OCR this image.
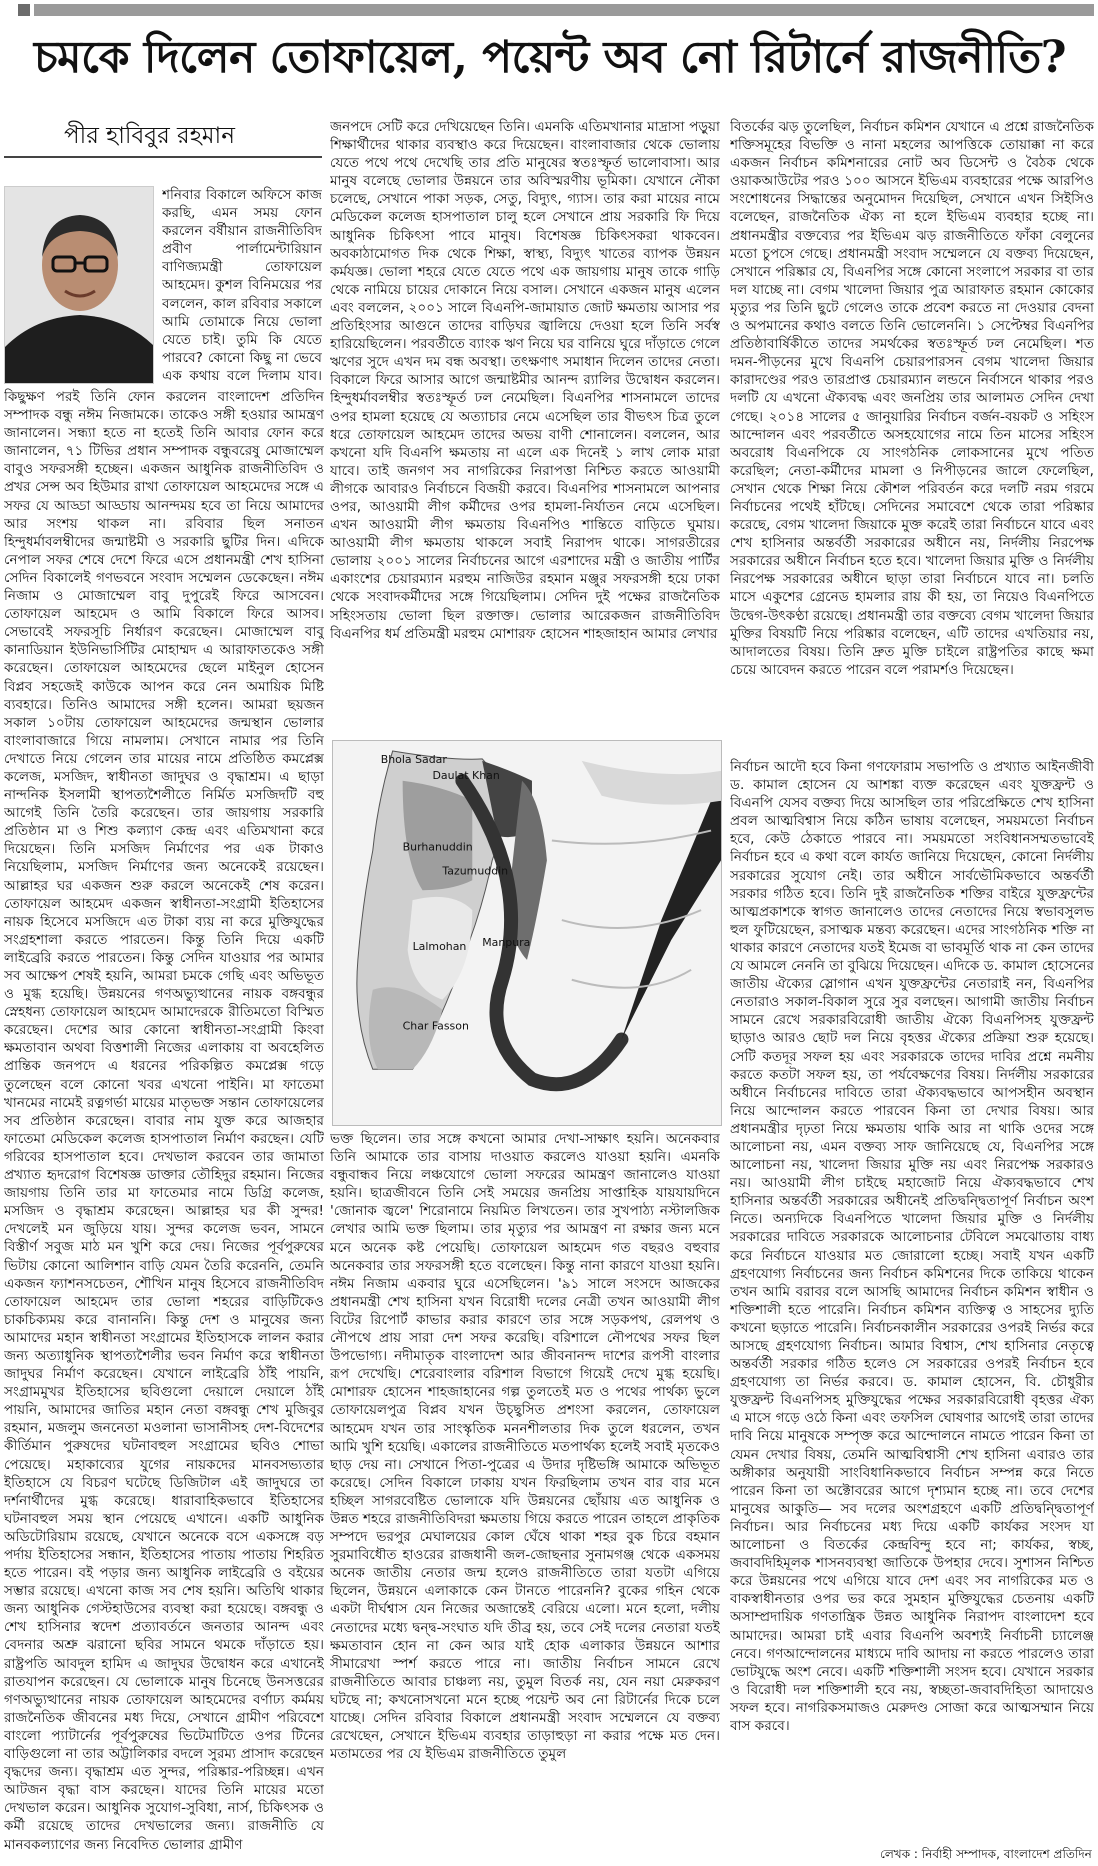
চমকে দিলেন তোফায়েল, পয়েন্ট অব নো রিটার্নে রাজনীতি?
পীর হাবিবুর রহমান
শনিবার বিকালে অফিসে কাজ করছি, এমন সময় ফোন করলেন বর্ষীয়ান রাজনীতিবিদ প্রবীণ পার্লামেন্টারিয়ান বাণিজ্যমন্ত্রী তোফায়েল আহমেদ। কুশল বিনিময়ের পর বললেন, কাল রবিবার সকালে আমি তোমাকে নিয়ে ভোলা যেতে চাই। তুমি কি যেতে পারবে? কোনো কিছু না ভেবে এক কথায় বলে দিলাম যাব।
কিছুক্ষণ পরই তিনি ফোন করলেন বাংলাদেশ প্রতিদিন সম্পাদক বন্ধু নঈম নিজামকে। তাকেও সঙ্গী হওয়ার আমন্ত্রণ জানালেন। সন্ধ্যা হতে না হতেই তিনি আবার ফোন করে জানালেন, ৭১ টিভির প্রধান সম্পাদক বন্ধুবরেষু মোজাম্মেল বাবুও সফরসঙ্গী হচ্ছেন। একজন আধুনিক রাজনীতিবিদ ও প্রখর সেন্স অব হিউমার রাখা তোফায়েল আহমেদের সঙ্গে এ সফর যে আড্ডা আড্ডায় আনন্দময় হবে তা নিয়ে আমাদের আর সংশয় থাকল না। রবিবার ছিল সনাতন হিন্দুধর্মাবলম্বীদের জন্মাষ্টমী ও সরকারি ছুটির দিন। এদিকে নেপাল সফর শেষে দেশে ফিরে এসে প্রধানমন্ত্রী শেখ হাসিনা সেদিন বিকালেই গণভবনে সংবাদ সম্মেলন ডেকেছেন। নঈম নিজাম ও মোজাম্মেল বাবু দুপুরেই ফিরে আসবেন। তোফায়েল আহমেদ ও আমি বিকালে ফিরে আসব। সেভাবেই সফরসূচি নির্ধারণ করেছেন। মোজাম্মেল বাবু কানাডিয়ান ইউনিভার্সিটির মোহাম্মদ এ আরাফাতকেও সঙ্গী করেছেন। তোফায়েল আহমেদের ছেলে মাইনুল হোসেন বিপ্লব সহজেই কাউকে আপন করে নেন অমায়িক মিষ্টি ব্যবহারে। তিনিও আমাদের সঙ্গী হলেন। আমরা ছয়জন সকাল ১০টায় তোফায়েল আহমেদের জন্মস্থান ভোলার বাংলাবাজারে গিয়ে নামলাম। সেখানে নামার পর তিনি দেখাতে নিয়ে গেলেন তার মায়ের নামে প্রতিষ্ঠিত কমপ্লেক্স কলেজ, মসজিদ, স্বাধীনতা জাদুঘর ও বৃদ্ধাশ্রম। এ ছাড়া নান্দনিক ইসলামী স্থাপত্যশৈলীতে নির্মিত মসজিদটি বহু আগেই তিনি তৈরি করেছেন। তার জায়গায় সরকারি প্রতিষ্ঠান মা ও শিশু কল্যাণ কেন্দ্র এবং এতিমখানা করে দিয়েছেন। তিনি মসজিদ নির্মাণের পর এক টাকাও নিয়েছিলাম, মসজিদ নির্মাণের জন্য অনেকেই রয়েছেন। আল্লাহর ঘর একজন শুরু করলে অনেকেই শেষ করেন। তোফায়েল আহমেদ একজন স্বাধীনতা-সংগ্রামী ইতিহাসের নায়ক হিসেবে মসজিদে এত টাকা ব্যয় না করে মুক্তিযুদ্ধের সংগ্রহশালা করতে পারতেন। কিন্তু তিনি দিয়ে একটি লাইব্রেরি করতে পারতেন। কিন্তু সেদিন যাওয়ার পর আমার সব আক্ষেপ শেষই হয়নি, আমরা চমকে গেছি এবং অভিভূত ও মুগ্ধ হয়েছি। উন্নয়নের গণঅভ্যুত্থানের নায়ক বঙ্গবন্ধুর স্নেহধন্য তোফায়েল আহমেদ আমাদেরকে রীতিমতো বিস্মিত করেছেন। দেশের আর কোনো স্বাধীনতা-সংগ্রামী কিংবা ক্ষমতাবান অথবা বিত্তশালী নিজের এলাকায় বা অবহেলিত প্রান্তিক জনপদে এ ধরনের পরিকল্পিত কমপ্লেক্স গড়ে তুলেছেন বলে কোনো খবর এখনো পাইনি। মা ফাতেমা খানমের নামেই রত্নগর্ভা মায়ের মাতৃভক্ত সন্তান তোফায়েলের সব প্রতিষ্ঠান করেছেন। বাবার নাম যুক্ত করে আজহার ফাতেমা মেডিকেল কলেজ হাসপাতাল নির্মাণ করছেন। যেটি গরিবের হাসপাতাল হবে। দেখভাল করবেন তার জামাতা প্রখ্যাত হৃদরোগ বিশেষজ্ঞ ডাক্তার তৌহিদুর রহমান। নিজের জায়গায় তিনি তার মা ফাতেমার নামে ডিগ্রি কলেজ, মসজিদ ও বৃদ্ধাশ্রম করেছেন। আল্লাহর ঘর কী সুন্দর! দেখলেই মন জুড়িয়ে যায়। সুন্দর কলেজ ভবন, সামনে বিস্তীর্ণ সবুজ মাঠ মন খুশি করে দেয়। নিজের পূর্বপুরুষের ভিটায় কোনো আলিশান বাড়ি যেমন তৈরি করেননি, তেমনি একজন ফ্যাশনসচেতন, শৌখিন মানুষ হিসেবে রাজনীতিবিদ তোফায়েল আহমেদ তার ভোলা শহরের বাড়িটিকেও চাকচিক্যময় করে বানাননি। কিন্তু দেশ ও মানুষের জন্য আমাদের মহান স্বাধীনতা সংগ্রামের ইতিহাসকে লালন করার জন্য অত্যাধুনিক স্থাপত্যশৈলীর ভবন নির্মাণ করে স্বাধীনতা জাদুঘর নির্মাণ করেছেন। যেখানে লাইব্রেরি ঠাঁই পায়নি, সংগ্রামমুখর ইতিহাসের ছবিগুলো দেয়ালে দেয়ালে ঠাঁই পায়নি, আমাদের জাতির মহান নেতা বঙ্গবন্ধু শেখ মুজিবুর রহমান, মজলুম জননেতা মওলানা ভাসানীসহ দেশ-বিদেশের কীর্তিমান পুরুষদের ঘটনাবহুল সংগ্রামের ছবিও শোভা পেয়েছে। মহাকাব্যের যুগের নায়কদের মানবসভ্যতার ইতিহাসে যে বিচরণ ঘটেছে ডিজিটাল এই জাদুঘরে তা দর্শনার্থীদের মুগ্ধ করেছে। ধারাবাহিকভাবে ইতিহাসের ঘটনাবহুল সময় স্থান পেয়েছে এখানে। একটি আধুনিক অডিটোরিয়াম রয়েছে, যেখানে অনেকে বসে একসঙ্গে বড় পর্দায় ইতিহাসের সন্ধান, ইতিহাসের পাতায় পাতায় শিহরিত হতে পারেন। বই পড়ার জন্য আধুনিক লাইব্রেরি ও বইয়ের সম্ভার রয়েছে। এখনো কাজ সব শেষ হয়নি। অতিথি থাকার জন্য আধুনিক গেস্টহাউসের ব্যবস্থা করা হয়েছে। বঙ্গবন্ধু ও শেখ হাসিনার স্বদেশ প্রত্যাবর্তনে জনতার আনন্দ এবং বেদনার অশ্রু ঝরানো ছবির সামনে থমকে দাঁড়াতে হয়। রাষ্ট্রপতি আবদুল হামিদ এ জাদুঘর উদ্বোধন করে এখানেই রাতযাপন করেছেন। যে ভোলাকে মানুষ চিনেছে উনসত্তরের গণঅভ্যুত্থানের নায়ক তোফায়েল আহমেদের বর্ণাঢ্য কর্মময় রাজনৈতিক জীবনের মধ্য দিয়ে, সেখানে গ্রামীণ পরিবেশে বাংলো প্যাটার্নের পূর্বপুরুষের ভিটেমাটিতে ওপর টিনের বাড়িগুলো না তার অট্টালিকার বদলে সুরম্য প্রাসাদ করেছেন বৃদ্ধদের জন্য। বৃদ্ধাশ্রম এত সুন্দর, পরিষ্কার-পরিচ্ছন্ন। এখন আটজন বৃদ্ধা বাস করছেন। যাদের তিনি মায়ের মতো দেখভাল করেন। আধুনিক সুযোগ-সুবিধা, নার্স, চিকিৎসক ও কর্মী রয়েছে তাদের দেখভালের জন্য। রাজনীতি যে মানবকল্যাণের জন্য নিবেদিত ভোলার গ্রামীণ
জনপদে সেটি করে দেখিয়েছেন তিনি। এমনকি এতিমখানার মাদ্রাসা পড়ুয়া শিক্ষার্থীদের থাকার ব্যবস্থাও করে দিয়েছেন। বাংলাবাজার থেকে ভোলায় যেতে পথে পথে দেখেছি তার প্রতি মানুষের স্বতঃস্ফূর্ত ভালোবাসা। আর মানুষ বলেছে ভোলার উন্নয়নে তার অবিস্মরণীয় ভূমিকা। যেখানে নৌকা চলেছে, সেখানে পাকা সড়ক, সেতু, বিদ্যুৎ, গ্যাস। তার করা মায়ের নামে মেডিকেল কলেজ হাসপাতাল চালু হলে সেখানে প্রায় সরকারি ফি দিয়ে আধুনিক চিকিৎসা পাবে মানুষ। বিশেষজ্ঞ চিকিৎসকরা থাকবেন। অবকাঠামোগত দিক থেকে শিক্ষা, স্বাস্থ্য, বিদ্যুৎ খাতের ব্যাপক উন্নয়ন কর্মযজ্ঞ। ভোলা শহরে যেতে যেতে পথে এক জায়গায় মানুষ তাকে গাড়ি থেকে নামিয়ে চায়ের দোকানে নিয়ে বসাল। সেখানে একজন মানুষ এলেন এবং বললেন, ২০০১ সালে বিএনপি-জামায়াত জোট ক্ষমতায় আসার পর প্রতিহিংসার আগুনে তাদের বাড়িঘর জ্বালিয়ে দেওয়া হলে তিনি সর্বস্ব হারিয়েছিলেন। পরবর্তীতে ব্যাংক ঋণ নিয়ে ঘর বানিয়ে ঘুরে দাঁড়াতে গেলে ঋণের সুদে এখন দম বন্ধ অবস্থা। তৎক্ষণাৎ সমাধান দিলেন তাদের নেতা। বিকালে ফিরে আসার আগে জন্মাষ্টমীর আনন্দ র‌্যালির উদ্বোধন করলেন। হিন্দুধর্মাবলম্বীর স্বতঃস্ফূর্ত ঢল নেমেছিল। বিএনপির শাসনামলে তাদের ওপর হামলা হয়েছে যে অত্যাচার নেমে এসেছিল তার বীভৎস চিত্র তুলে ধরে তোফায়েল আহমেদ তাদের অভয় বাণী শোনালেন। বললেন, আর কখনো যদি বিএনপি ক্ষমতায় না এলে এক দিনেই ১ লাখ লোক মারা যাবে। তাই জনগণ সব নাগরিকের নিরাপত্তা নিশ্চিত করতে আওয়ামী লীগকে আবারও নির্বাচনে বিজয়ী করবে। বিএনপির শাসনামলে আপনার ওপর, আওয়ামী লীগ কর্মীদের ওপর হামলা-নির্যাতন নেমে এসেছিল। এখন আওয়ামী লীগ ক্ষমতায় বিএনপিও শান্তিতে বাড়িতে ঘুমায়। আওয়ামী লীগ ক্ষমতায় থাকলে সবাই নিরাপদ থাকে। সাগরতীরের ভোলায় ২০০১ সালের নির্বাচনের আগে এরশাদের মন্ত্রী ও জাতীয় পার্টির একাংশের চেয়ারম্যান মরহুম নাজিউর রহমান মঞ্জুর সফরসঙ্গী হয়ে ঢাকা থেকে সংবাদকর্মীদের সঙ্গে গিয়েছিলাম। সেদিন দুই পক্ষের রাজনৈতিক সহিংসতায় ভোলা ছিল রক্তাক্ত। ভোলার আরেকজন রাজনীতিবিদ বিএনপির ধর্ম প্রতিমন্ত্রী মরহুম মোশারফ হোসেন শাহজাহান আমার লেখার
বিতর্কের ঝড় তুলেছিল, নির্বাচন কমিশন যেখানে এ প্রশ্নে রাজনৈতিক শক্তিসমূহের বিভক্তি ও নানা মহলের আপত্তিকে তোয়াক্কা না করে একজন নির্বাচন কমিশনারের নোট অব ডিসেন্ট ও বৈঠক থেকে ওয়াকআউটের পরও ১০০ আসনে ইভিএম ব্যবহারের পক্ষে আরপিও সংশোধনের সিদ্ধান্তের অনুমোদন দিয়েছিল, সেখানে এখন সিইসিও বলেছেন, রাজনৈতিক ঐক্য না হলে ইভিএম ব্যবহার হচ্ছে না। প্রধানমন্ত্রীর বক্তব্যের পর ইভিএম ঝড় রাজনীতিতে ফাঁকা বেলুনের মতো চুপসে গেছে। প্রধানমন্ত্রী সংবাদ সম্মেলনে যে বক্তব্য দিয়েছেন, সেখানে পরিষ্কার যে, বিএনপির সঙ্গে কোনো সংলাপে সরকার বা তার দল যাচ্ছে না। বেগম খালেদা জিয়ার পুত্র আরাফাত রহমান কোকোর মৃত্যুর পর তিনি ছুটে গেলেও তাকে প্রবেশ করতে না দেওয়ার বেদনা ও অপমানের কথাও বলতে তিনি ভোলেননি। ১ সেপ্টেম্বর বিএনপির প্রতিষ্ঠাবার্ষিকীতে তাদের সমর্থকের স্বতঃস্ফূর্ত ঢল নেমেছিল। শত দমন-পীড়নের মুখে বিএনপি চেয়ারপারসন বেগম খালেদা জিয়ার কারাদণ্ডের পরও তারপ্রাপ্ত চেয়ারম্যান লন্ডনে নির্বাসনে থাকার পরও দলটি যে এখনো ঐক্যবদ্ধ এবং জনপ্রিয় তার আলামত সেদিন দেখা গেছে। ২০১৪ সালের ৫ জানুয়ারির নির্বাচন বর্জন-বয়কট ও সহিংস আন্দোলন এবং পরবর্তীতে অসহযোগের নামে তিন মাসের সহিংস অবরোধ বিএনপিকে যে সাংগঠনিক লোকসানের মুখে পতিত করেছিল; নেতা-কর্মীদের মামলা ও নিপীড়নের জালে ফেলেছিল, সেখান থেকে শিক্ষা নিয়ে কৌশল পরিবর্তন করে দলটি নরম গরমে নির্বাচনের পথেই হাঁটছে। সেদিনের সমাবেশে থেকে তারা পরিষ্কার করেছে, বেগম খালেদা জিয়াকে মুক্ত করেই তারা নির্বাচনে যাবে এবং শেখ হাসিনার অন্তর্বর্তী সরকারের অধীনে নয়, নির্দলীয় নিরপেক্ষ সরকারের অধীনে নির্বাচন হতে হবে। খালেদা জিয়ার মুক্তি ও নির্দলীয় নিরপেক্ষ সরকারের অধীনে ছাড়া তারা নির্বাচনে যাবে না। চলতি মাসে একুশের গ্রেনেড হামলার রায় কী হয়, তা নিয়েও বিএনপিতে উদ্বেগ-উৎকণ্ঠা রয়েছে। প্রধানমন্ত্রী তার বক্তব্যে বেগম খালেদা জিয়ার মুক্তির বিষয়টি নিয়ে পরিষ্কার বলেছেন, এটি তাদের এখতিয়ার নয়, আদালতের বিষয়। তিনি দ্রুত মুক্তি চাইলে রাষ্ট্রপতির কাছে ক্ষমা চেয়ে আবেদন করতে পারেন বলে পরামর্শও দিয়েছেন।
Bhola Sadar
Daulat Khan
Burhanuddin
Tazumuddin
Lalmohan Manpura
Char Fasson
ভক্ত ছিলেন। তার সঙ্গে কখনো আমার দেখা-সাক্ষাৎ হয়নি। অনেকবার তিনি আমাকে তার বাসায় দাওয়াত করলেও যাওয়া হয়নি। এমনকি বন্ধুবান্ধব নিয়ে লঞ্চযোগে ভোলা সফরের আমন্ত্রণ জানালেও যাওয়া হয়নি। ছাত্রজীবনে তিনি সেই সময়ের জনপ্রিয় সাপ্তাহিক যায়যায়দিনে 'জোনাক জ্বলে' শিরোনামে নিয়মিত লিখতেন। তার সুখপাঠ্য নস্টালজিক লেখার আমি ভক্ত ছিলাম। তার মৃত্যুর পর আমন্ত্রণ না রক্ষার জন্য মনে মনে অনেক কষ্ট পেয়েছি। তোফায়েল আহমেদ গত বছরও বহুবার অনেকবার তার সফরসঙ্গী হতে বলেছেন। কিন্তু নানা কারণে যাওয়া হয়নি। নঈম নিজাম একবার ঘুরে এসেছিলেন। '৯১ সালে সংসদে আজকের প্রধানমন্ত্রী শেখ হাসিনা যখন বিরোধী দলের নেত্রী তখন আওয়ামী লীগ বিটের রিপোর্ট কাভার করার কারণে তার সঙ্গে সড়কপথ, রেলপথ ও নৌপথে প্রায় সারা দেশ সফর করেছি। বরিশালে নৌপথের সফর ছিল উপভোগ্য। নদীমাতৃক বাংলাদেশ আর জীবনানন্দ দাশের রূপসী বাংলার রূপ দেখেছি। শেরেবাংলার বরিশাল বিভাগে গিয়েই দেখে মুগ্ধ হয়েছি। মোশারফ হোসেন শাহজাহানের গল্প তুলতেই মত ও পথের পার্থক্য ভুলে তোফায়েলপুত্র বিপ্লব যখন উচ্ছ্বসিত প্রশংসা করলেন, তোফায়েল আহমেদ যখন তার সাংস্কৃতিক মননশীলতার দিক তুলে ধরলেন, তখন আমি খুশি হয়েছি। একালের রাজনীতিতে মতপার্থক্য হলেই সবাই মৃতকেও ছাড় দেয় না। সেখানে পিতা-পুত্রের এ উদার দৃষ্টিভঙ্গি আমাকে অভিভূত করেছে। সেদিন বিকালে ঢাকায় যখন ফিরছিলাম তখন বার বার মনে হচ্ছিল সাগরবেষ্টিত ভোলাকে যদি উন্নয়নের ছোঁয়ায় এত আধুনিক ও উন্নত শহরে রাজনীতিবিদরা ক্ষমতায় গিয়ে করতে পারেন তাহলে প্রাকৃতিক সম্পদে ভরপুর মেঘালয়ের কোল ঘেঁষে থাকা শহর বুক চিরে বহমান সুরমাবিধৌত হাওরের রাজধানী জল-জোছনার সুনামগঞ্জ থেকে একসময় অনেক জাতীয় নেতার জন্ম হলেও রাজনীতিতে তারা যতটা এগিয়ে ছিলেন, উন্নয়নে এলাকাকে কেন টানতে পারেননি? বুকের গহিন থেকে একটা দীর্ঘশ্বাস যেন নিজের অজান্তেই বেরিয়ে এলো। মনে হলো, দলীয় নেতাদের মধ্যে দ্বন্দ্ব-সংঘাত যদি তীব্র হয়, তবে সেই দলের নেতারা যতই ক্ষমতাবান হোন না কেন আর যাই হোক এলাকার উন্নয়নে আশার সীমারেখা স্পর্শ করতে পারে না। জাতীয় নির্বাচন সামনে রেখে রাজনীতিতে আবার চাঞ্চল্য নয়, তুমুল বিতর্ক নয়, যেন নয়া মেরুকরণ ঘটছে না; কখনোসখনো মনে হচ্ছে পয়েন্ট অব নো রিটার্নের দিকে চলে যাচ্ছে। সেদিন রবিবার বিকালে প্রধানমন্ত্রী সংবাদ সম্মেলনে যে বক্তব্য রেখেছেন, সেখানে ইভিএম ব্যবহার তাড়াহুড়া না করার পক্ষে মত দেন। মতামতের পর যে ইভিএম রাজনীতিতে তুমুল
নির্বাচন আদৌ হবে কিনা গণফোরাম সভাপতি ও প্রখ্যাত আইনজীবী ড. কামাল হোসেন যে আশঙ্কা ব্যক্ত করেছেন এবং যুক্তফ্রন্ট ও বিএনপি যেসব বক্তব্য দিয়ে আসছিল তার পরিপ্রেক্ষিতে শেখ হাসিনা প্রবল আত্মবিশ্বাস নিয়ে কঠিন ভাষায় বলেছেন, সময়মতো নির্বাচন হবে, কেউ ঠেকাতে পারবে না। সময়মতো সংবিধানসম্মতভাবেই নির্বাচন হবে এ কথা বলে কার্যত জানিয়ে দিয়েছেন, কোনো নির্দলীয় সরকারের সুযোগ নেই। তার অধীনে সার্বভৌমিকভাবে অন্তর্বর্তী সরকার গঠিত হবে। তিনি দুই রাজনৈতিক শক্তির বাইরে যুক্তফ্রন্টের আত্মপ্রকাশকে স্বাগত জানালেও তাদের নেতাদের নিয়ে স্বভাবসুলভ হুল ফুটিয়েছেন, রসাত্মক মন্তব্য করেছেন। এদের সাংগঠনিক শক্তি না থাকার কারণে নেতাদের যতই ইমেজ বা ভাবমূর্তি থাক না কেন তাদের যে আমলে নেননি তা বুঝিয়ে দিয়েছেন। এদিকে ড. কামাল হোসেনের জাতীয় ঐক্যের স্লোগান এখন যুক্তফ্রন্টের নেতারাই নন, বিএনপির নেতারাও সকাল-বিকাল সুরে সুর বলছেন। আগামী জাতীয় নির্বাচন সামনে রেখে সরকারবিরোধী জাতীয় ঐক্যে বিএনপিসহ যুক্তফ্রন্ট ছাড়াও আরও ছোট দল নিয়ে বৃহত্তর ঐক্যের প্রক্রিয়া শুরু হয়েছে। সেটি কতদূর সফল হয় এবং সরকারকে তাদের দাবির প্রশ্নে নমনীয় করতে কতটা সফল হয়, তা পর্যবেক্ষণের বিষয়। নির্দলীয় সরকারের অধীনে নির্বাচনের দাবিতে তারা ঐক্যবদ্ধভাবে আপসহীন অবস্থান নিয়ে আন্দোলন করতে পারবেন কিনা তা দেখার বিষয়। আর প্রধানমন্ত্রীর দৃঢ়তা নিয়ে ক্ষমতায় থাকি আর না থাকি ওদের সঙ্গে আলোচনা নয়, এমন বক্তব্য সাফ জানিয়েছে যে, বিএনপির সঙ্গে আলোচনা নয়, খালেদা জিয়ার মুক্তি নয় এবং নিরপেক্ষ সরকারও নয়। আওয়ামী লীগ চাইছে মহাজোট নিয়ে ঐক্যবদ্ধভাবে শেখ হাসিনার অন্তর্বর্তী সরকারের অধীনেই প্রতিদ্বন্দ্বিতাপূর্ণ নির্বাচন অংশ নিতে। অন্যদিকে বিএনপিতে খালেদা জিয়ার মুক্তি ও নির্দলীয় সরকারের দাবিতে সরকারকে আলোচনার টেবিলে সমঝোতায় বাধ্য করে নির্বাচনে যাওয়ার মত জোরালো হচ্ছে। সবাই যখন একটি গ্রহণযোগ্য নির্বাচনের জন্য নির্বাচন কমিশনের দিকে তাকিয়ে থাকেন তখন আমি বরাবর বলে আসছি আমাদের নির্বাচন কমিশন স্বাধীন ও শক্তিশালী হতে পারেনি। নির্বাচন কমিশন ব্যক্তিত্ব ও সাহসের দ্যুতি কখনো ছড়াতে পারেনি। নির্বাচনকালীন সরকারের ওপরই নির্ভর করে আসছে গ্রহণযোগ্য নির্বাচন। আমার বিশ্বাস, শেখ হাসিনার নেতৃত্বে অন্তর্বর্তী সরকার গঠিত হলেও সে সরকারের ওপরই নির্বাচন হবে গ্রহণযোগ্য তা নির্ভর করবে। ড. কামাল হোসেন, বি. চৌধুরীর যুক্তফ্রন্ট বিএনপিসহ মুক্তিযুদ্ধের পক্ষের সরকারবিরোধী বৃহত্তর ঐক্য এ মাসে গড়ে ওঠে কিনা এবং তফসিল ঘোষণার আগেই তারা তাদের দাবি নিয়ে মানুষকে সম্পৃক্ত করে আন্দোলনে নামতে পারেন কিনা তা যেমন দেখার বিষয়, তেমনি আত্মবিশ্বাসী শেখ হাসিনা এবারও তার অঙ্গীকার অনুযায়ী সাংবিধানিকভাবে নির্বাচন সম্পন্ন করে নিতে পারেন কিনা তা অক্টোবরের আগে দৃশ্যমান হচ্ছে না। তবে দেশের মানুষের আকুতি— সব দলের অংশগ্রহণে একটি প্রতিদ্বন্দ্বিতাপূর্ণ নির্বাচন। আর নির্বাচনের মধ্য দিয়ে একটি কার্যকর সংসদ যা আলোচনা ও বিতর্কের কেন্দ্রবিন্দু হবে না; কার্যকর, স্বচ্ছ, জবাবদিহিমূলক শাসনব্যবস্থা জাতিকে উপহার দেবে। সুশাসন নিশ্চিত করে উন্নয়নের পথে এগিয়ে যাবে দেশ এবং সব নাগরিকের মত ও বাকস্বাধীনতার ওপর ভর করে সুমহান মুক্তিযুদ্ধের চেতনায় একটি অসাম্প্রদায়িক গণতান্ত্রিক উন্নত আধুনিক নিরাপদ বাংলাদেশ হবে আমাদের। আমরা চাই এবার বিএনপি অবশ্যই নির্বাচনী চ্যালেঞ্জ নেবে। গণআন্দোলনের মাধ্যমে দাবি আদায় না করতে পারলেও তারা ভোটযুদ্ধে অংশ নেবে। একটি শক্তিশালী সংসদ হবে। যেখানে সরকার ও বিরোধী দল শক্তিশালী হবে নয়, স্বচ্ছতা-জবাবদিহিতা আদায়েও সফল হবে। নাগরিকসমাজও মেরুদণ্ড সোজা করে আত্মসম্মান নিয়ে বাস করবে।
লেখক : নির্বাহী সম্পাদক, বাংলাদেশ প্রতিদিন
